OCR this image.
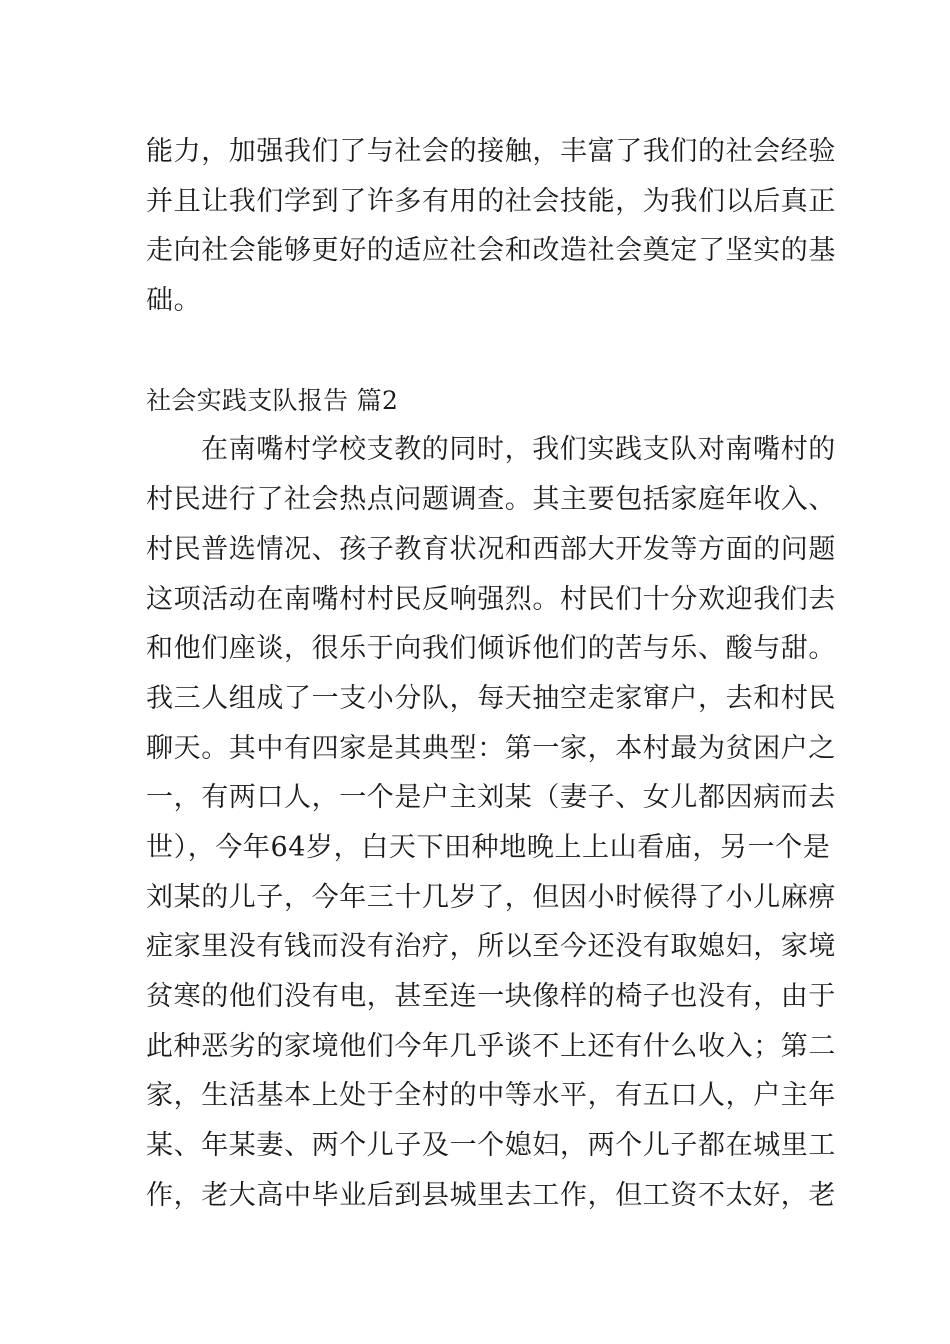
能力，加强我们了与社会的接触，丰富了我们的社会经验

并且让我们学到了许多有用的社会技能，为我们以后真正

走向社会能够更好的适应社会和改造社会奠定了坚实的基

础。

社会实践支队报告 篇2

在南嘴村学校支教的同时，我们实践支队对南嘴村的

村民进行了社会热点问题调查。其主要包括家庭年收入、

村民普选情况、孩子教育状况和西部大开发等方面的问题

这项活动在南嘴村村民反响强烈。村民们十分欢迎我们去

和他们座谈，很乐于向我们倾诉他们的苦与乐、酸与甜。

我三人组成了一支小分队，每天抽空走家窜户，去和村民

聊天。其中有四家是其典型：第一家，本村最为贫困户之

一，有两口人，一个是户主刘某（妻子、女儿都因病而去

世），今年64岁，白天下田种地晚上上山看庙，另一个是

刘某的儿子，今年三十几岁了，但因小时候得了小儿麻痹

症家里没有钱而没有治疗，所以至今还没有取媳妇，家境

贫寒的他们没有电，甚至连一块像样的椅子也没有，由于

此种恶劣的家境他们今年几乎谈不上还有什么收入；第二

家，生活基本上处于全村的中等水平，有五口人，户主年

某、年某妻、两个儿子及一个媳妇，两个儿子都在城里工

作，老大高中毕业后到县城里去工作，但工资不太好，老
